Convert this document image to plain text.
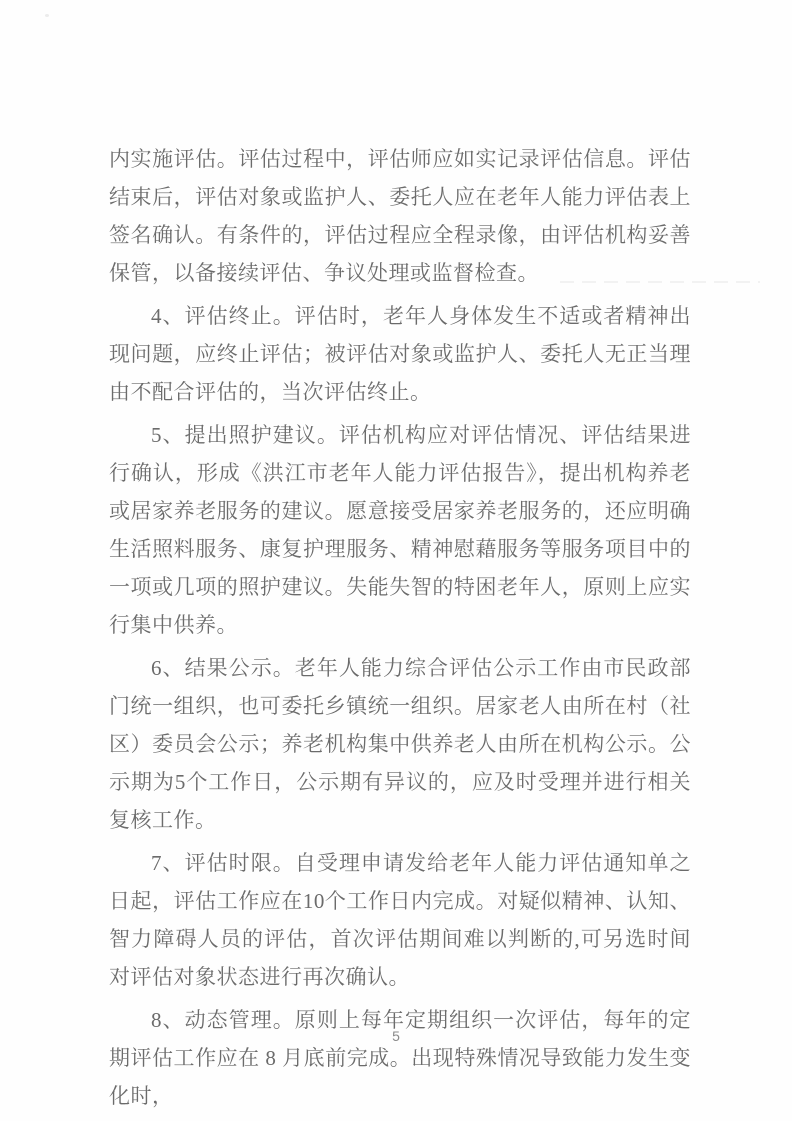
内实施评估。评估过程中，评估师应如实记录评估信息。评估结束后，评估对象或监护人、委托人应在老年人能力评估表上签名确认。有条件的，评估过程应全程录像，由评估机构妥善保管，以备接续评估、争议处理或监督检查。

4、评估终止。评估时，老年人身体发生不适或者精神出现问题，应终止评估；被评估对象或监护人、委托人无正当理由不配合评估的，当次评估终止。

5、提出照护建议。评估机构应对评估情况、评估结果进行确认，形成《洪江市老年人能力评估报告》，提出机构养老或居家养老服务的建议。愿意接受居家养老服务的，还应明确生活照料服务、康复护理服务、精神慰藉服务等服务项目中的一项或几项的照护建议。失能失智的特困老年人，原则上应实行集中供养。

6、结果公示。老年人能力综合评估公示工作由市民政部门统一组织，也可委托乡镇统一组织。居家老人由所在村（社区）委员会公示；养老机构集中供养老人由所在机构公示。公示期为5个工作日，公示期有异议的，应及时受理并进行相关复核工作。

7、评估时限。自受理申请发给老年人能力评估通知单之日起，评估工作应在10个工作日内完成。对疑似精神、认知、智力障碍人员的评估，首次评估期间难以判断的,可另选时间对评估对象状态进行再次确认。

8、动态管理。原则上每年定期组织一次评估，每年的定期评估工作应在 8 月底前完成。出现特殊情况导致能力发生变化时，

5
